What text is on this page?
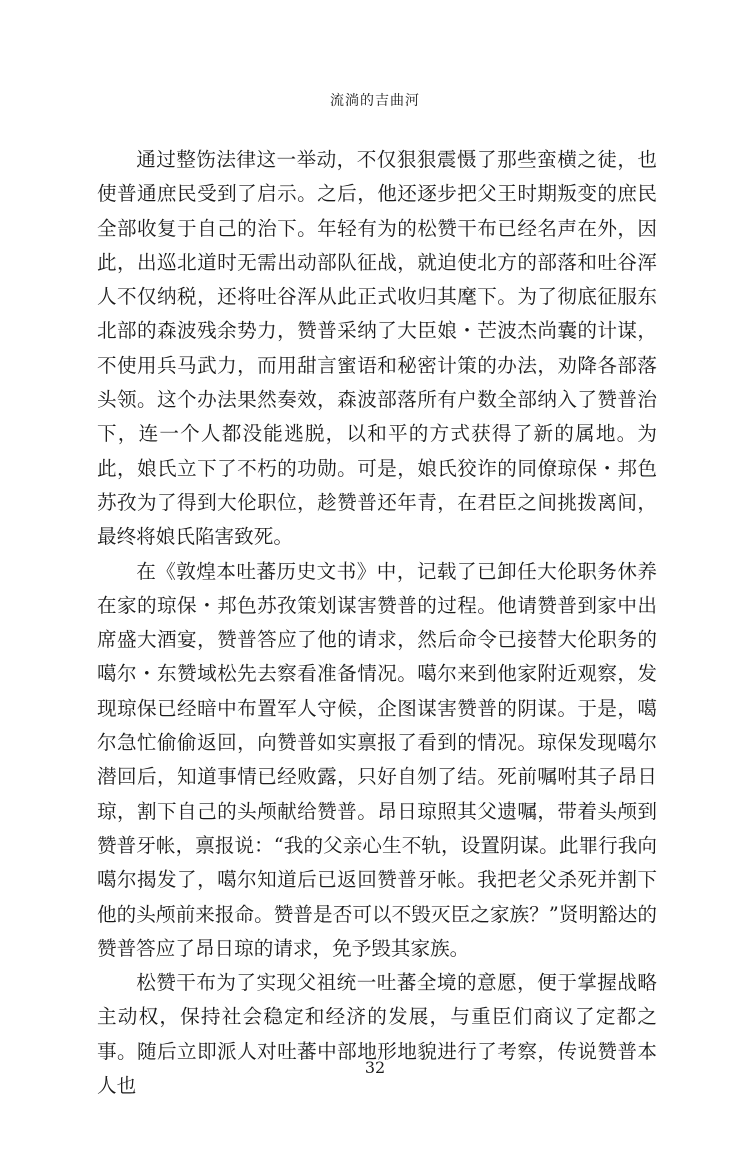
流淌的吉曲河

通过整饬法律这一举动，不仅狠狠震慑了那些蛮横之徒，也使普通庶民受到了启示。之后，他还逐步把父王时期叛变的庶民全部收复于自己的治下。年轻有为的松赞干布已经名声在外，因此，出巡北道时无需出动部队征战，就迫使北方的部落和吐谷浑人不仅纳税，还将吐谷浑从此正式收归其麾下。为了彻底征服东北部的森波残余势力，赞普采纳了大臣娘・芒波杰尚囊的计谋，不使用兵马武力，而用甜言蜜语和秘密计策的办法，劝降各部落头领。这个办法果然奏效，森波部落所有户数全部纳入了赞普治下，连一个人都没能逃脱，以和平的方式获得了新的属地。为此，娘氏立下了不朽的功勋。可是，娘氏狡诈的同僚琼保・邦色苏孜为了得到大伦职位，趁赞普还年青，在君臣之间挑拨离间，最终将娘氏陷害致死。

在《敦煌本吐蕃历史文书》中，记载了已卸任大伦职务休养在家的琼保・邦色苏孜策划谋害赞普的过程。他请赞普到家中出席盛大酒宴，赞普答应了他的请求，然后命令已接替大伦职务的噶尔・东赞域松先去察看准备情况。噶尔来到他家附近观察，发现琼保已经暗中布置军人守候，企图谋害赞普的阴谋。于是，噶尔急忙偷偷返回，向赞普如实禀报了看到的情况。琼保发现噶尔潜回后，知道事情已经败露，只好自刎了结。死前嘱咐其子昂日琼，割下自己的头颅献给赞普。昂日琼照其父遗嘱，带着头颅到赞普牙帐，禀报说：“我的父亲心生不轨，设置阴谋。此罪行我向噶尔揭发了，噶尔知道后已返回赞普牙帐。我把老父杀死并割下他的头颅前来报命。赞普是否可以不毁灭臣之家族？”贤明豁达的赞普答应了昂日琼的请求，免予毁其家族。

松赞干布为了实现父祖统一吐蕃全境的意愿，便于掌握战略主动权，保持社会稳定和经济的发展，与重臣们商议了定都之事。随后立即派人对吐蕃中部地形地貌进行了考察，传说赞普本人也

32
